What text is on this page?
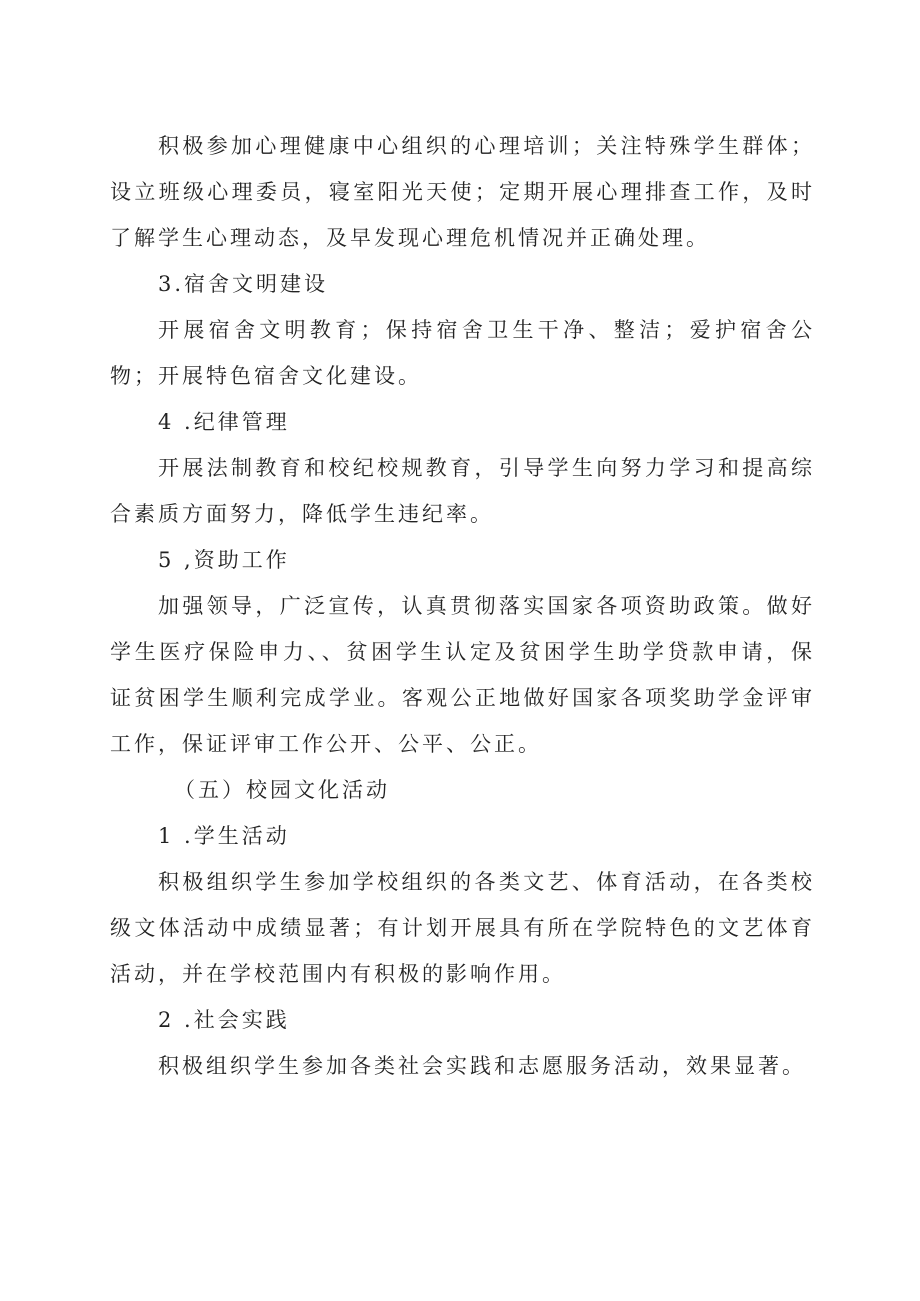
积极参加心理健康中心组织的心理培训；关注特殊学生群体；设立班级心理委员，寝室阳光天使；定期开展心理排查工作，及时了解学生心理动态，及早发现心理危机情况并正确处理。

3.宿舍文明建设

开展宿舍文明教育；保持宿舍卫生干净、整洁；爱护宿舍公物；开展特色宿舍文化建设。

4 .纪律管理

开展法制教育和校纪校规教育，引导学生向努力学习和提高综合素质方面努力，降低学生违纪率。

5 ,资助工作

加强领导，广泛宣传，认真贯彻落实国家各项资助政策。做好学生医疗保险申力、、贫困学生认定及贫困学生助学贷款申请，保证贫困学生顺利完成学业。客观公正地做好国家各项奖助学金评审工作，保证评审工作公开、公平、公正。

（五）校园文化活动

1 .学生活动

积极组织学生参加学校组织的各类文艺、体育活动，在各类校级文体活动中成绩显著；有计划开展具有所在学院特色的文艺体育活动，并在学校范围内有积极的影响作用。

2 .社会实践

积极组织学生参加各类社会实践和志愿服务活动，效果显著。
